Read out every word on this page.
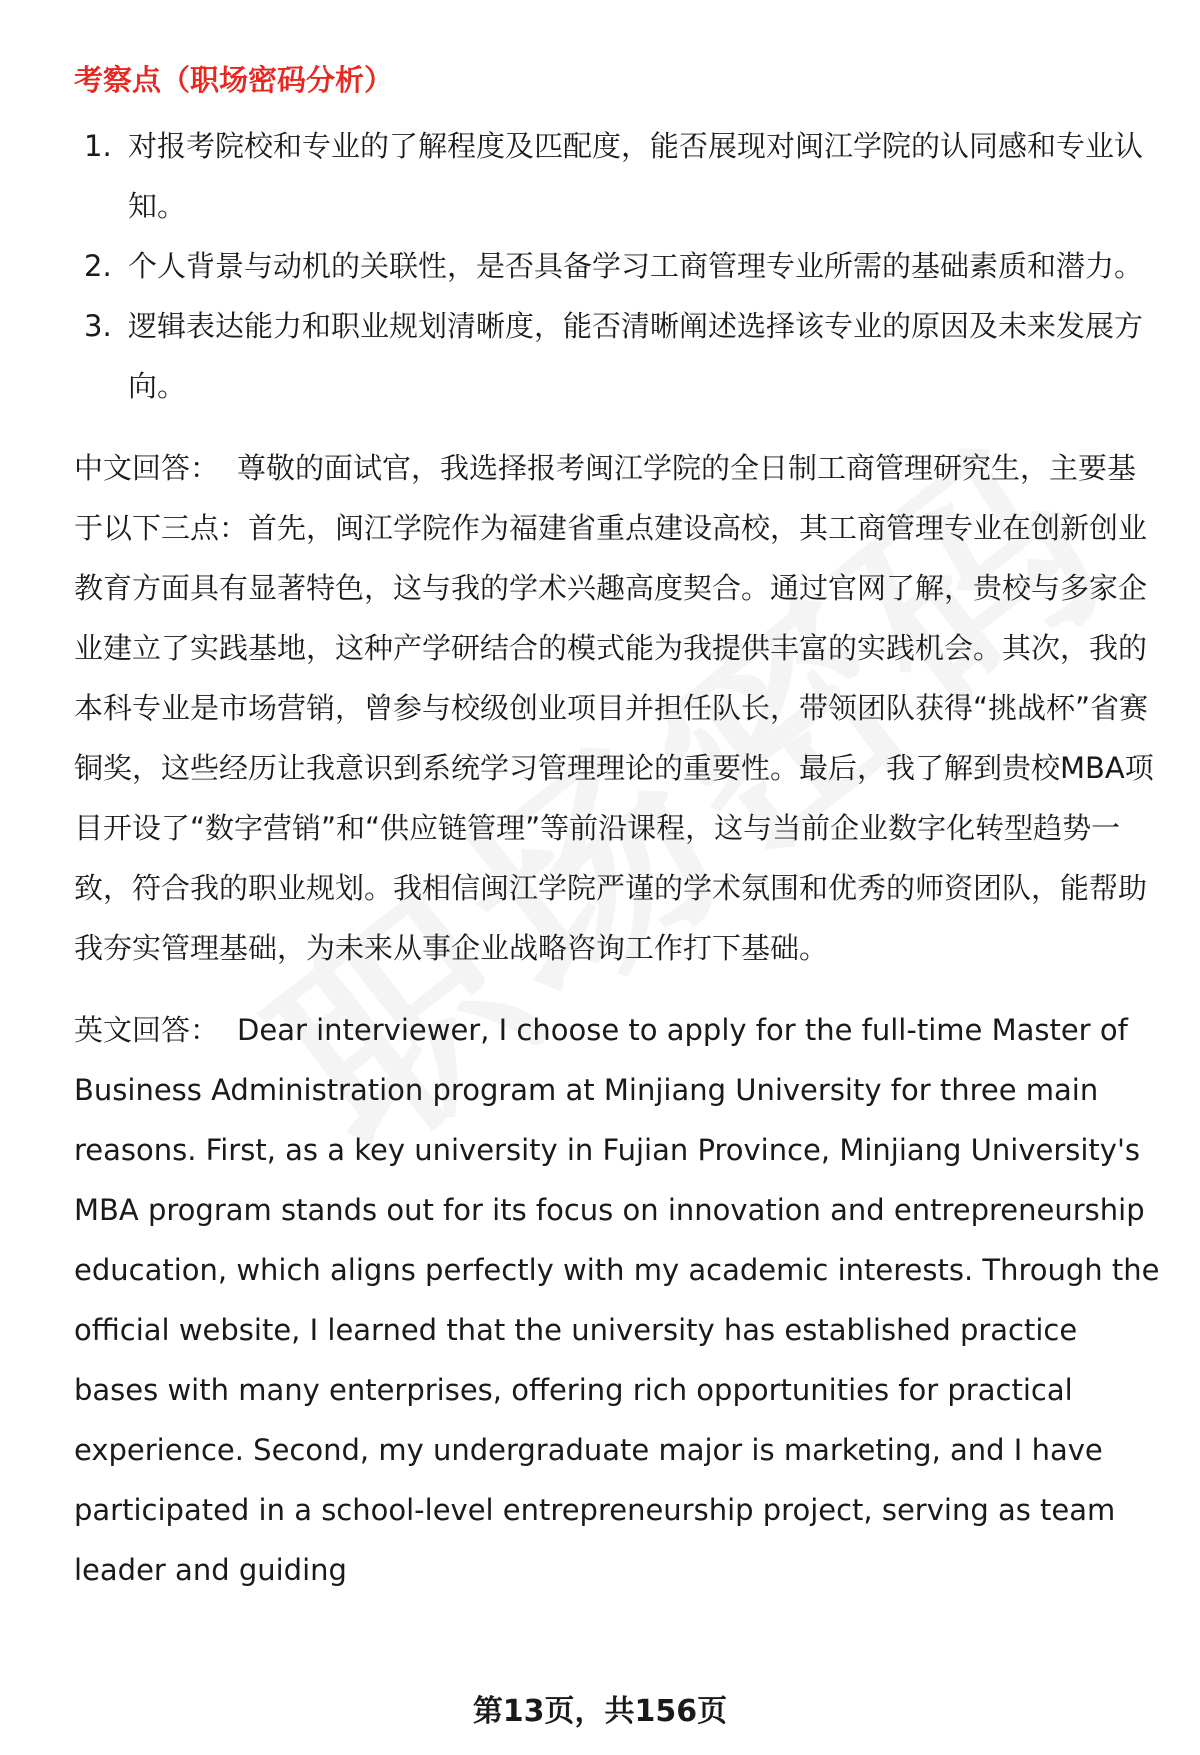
考察点（职场密码分析）
1. 对报考院校和专业的了解程度及匹配度，能否展现对闽江学院的认同感和专业认知。
2. 个人背景与动机的关联性，是否具备学习工商管理专业所需的基础素质和潜力。
3. 逻辑表达能力和职业规划清晰度，能否清晰阐述选择该专业的原因及未来发展方向。

中文回答： 尊敬的面试官，我选择报考闽江学院的全日制工商管理研究生，主要基于以下三点：首先，闽江学院作为福建省重点建设高校，其工商管理专业在创新创业教育方面具有显著特色，这与我的学术兴趣高度契合。通过官网了解，贵校与多家企业建立了实践基地，这种产学研结合的模式能为我提供丰富的实践机会。其次，我的本科专业是市场营销，曾参与校级创业项目并担任队长，带领团队获得“挑战杯”省赛铜奖，这些经历让我意识到系统学习管理理论的重要性。最后，我了解到贵校MBA项目开设了“数字营销”和“供应链管理”等前沿课程，这与当前企业数字化转型趋势一致，符合我的职业规划。我相信闽江学院严谨的学术氛围和优秀的师资团队，能帮助我夯实管理基础，为未来从事企业战略咨询工作打下基础。

英文回答： Dear interviewer, I choose to apply for the full-time Master of Business Administration program at Minjiang University for three main reasons. First, as a key university in Fujian Province, Minjiang University's MBA program stands out for its focus on innovation and entrepreneurship education, which aligns perfectly with my academic interests. Through the official website, I learned that the university has established practice bases with many enterprises, offering rich opportunities for practical experience. Second, my undergraduate major is marketing, and I have participated in a school-level entrepreneurship project, serving as team leader and guiding

第13页，共156页
